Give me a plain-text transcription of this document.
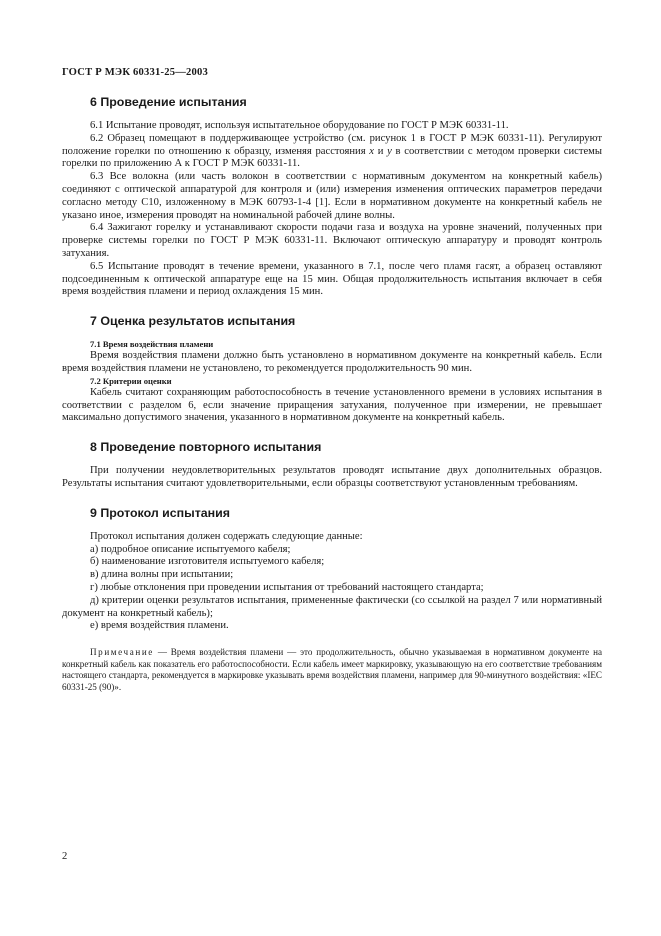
ГОСТ Р МЭК 60331-25—2003
6 Проведение испытания

6.1 Испытание проводят, используя испытательное оборудование по ГОСТ Р МЭК 60331-11.

6.2 Образец помещают в поддерживающее устройство (см. рисунок 1 в ГОСТ Р МЭК 60331-11). Регулируют положение горелки по отношению к образцу, изменяя расстояния x и y в соответствии с методом проверки системы горелки по приложению А к ГОСТ Р МЭК 60331-11.

6.3 Все волокна (или часть волокон в соответствии с нормативным документом на конкретный кабель) соединяют с оптической аппаратурой для контроля и (или) измерения изменения оптических параметров передачи согласно методу С10, изложенному в МЭК 60793-1-4 [1]. Если в нормативном документе на конкретный кабель не указано иное, измерения проводят на номинальной рабочей длине волны.

6.4 Зажигают горелку и устанавливают скорости подачи газа и воздуха на уровне значений, полученных при проверке системы горелки по ГОСТ Р МЭК 60331-11. Включают оптическую аппаратуру и проводят контроль затухания.

6.5 Испытание проводят в течение времени, указанного в 7.1, после чего пламя гасят, а образец оставляют подсоединенным к оптической аппаратуре еще на 15 мин. Общая продолжительность испытания включает в себя время воздействия пламени и период охлаждения 15 мин.

7 Оценка результатов испытания
7.1 Время воздействия пламени

Время воздействия пламени должно быть установлено в нормативном документе на конкретный кабель. Если время воздействия пламени не установлено, то рекомендуется продолжительность 90 мин.

7.2 Критерии оценки

Кабель считают сохраняющим работоспособность в течение установленного времени в условиях испытания в соответствии с разделом 6, если значение приращения затухания, полученное при измерении, не превышает максимально допустимого значения, указанного в нормативном документе на конкретный кабель.

8 Проведение повторного испытания

При получении неудовлетворительных результатов проводят испытание двух дополнительных образцов. Результаты испытания считают удовлетворительными, если образцы соответствуют установленным требованиям.

9 Протокол испытания

Протокол испытания должен содержать следующие данные:

а) подробное описание испытуемого кабеля;

б) наименование изготовителя испытуемого кабеля;

в) длина волны при испытании;

г) любые отклонения при проведении испытания от требований настоящего стандарта;

д) критерии оценки результатов испытания, примененные фактически (со ссылкой на раздел 7 или нормативный документ на конкретный кабель);

е) время воздействия пламени.

Примечание — Время воздействия пламени — это продолжительность, обычно указываемая в нормативном документе на конкретный кабель как показатель его работоспособности. Если кабель имеет маркировку, указывающую на его соответствие требованиям настоящего стандарта, рекомендуется в маркировке указывать время воздействия пламени, например для 90-минутного воздействия: «IEC 60331-25 (90)».
2
